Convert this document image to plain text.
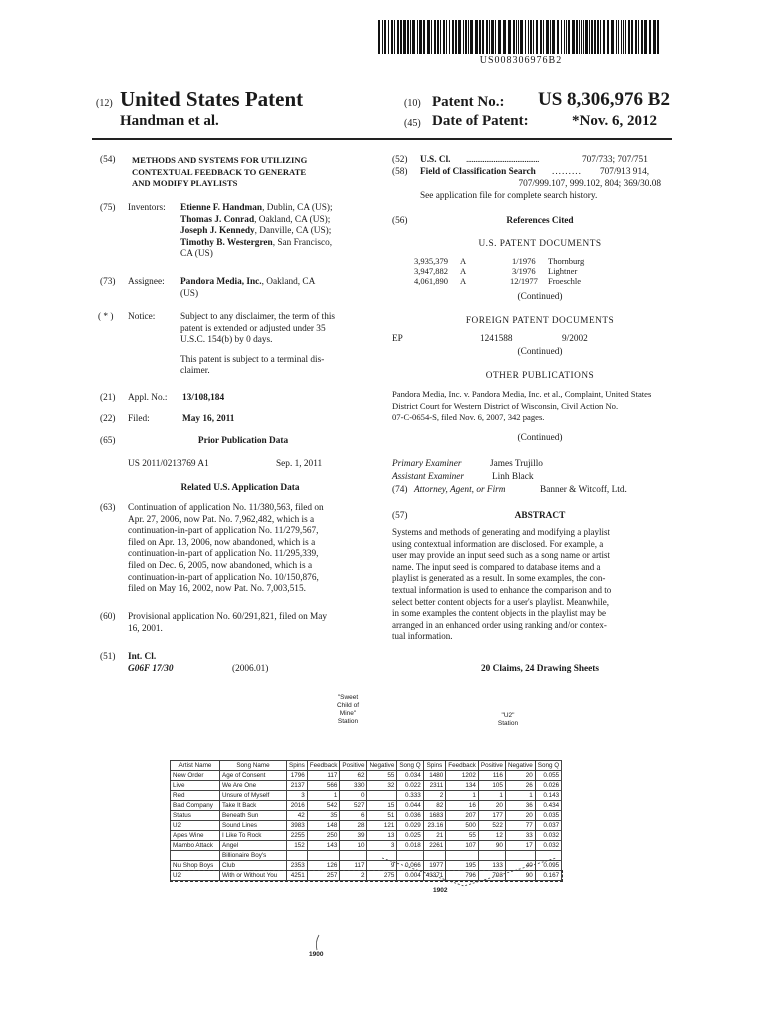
US008306976B2
(12) United States Patent
Handman et al.
(10) Patent No.: US 8,306,976 B2
(45) Date of Patent:	*Nov. 6, 2012
(54) METHODS AND SYSTEMS FOR UTILIZING
CONTEXTUAL FEEDBACK TO GENERATE
AND MODIFY PLAYLISTS
(75) Inventors: Etienne F. Handman, Dublin, CA (US);
Thomas J. Conrad, Oakland, CA (US);
Joseph J. Kennedy, Danville, CA (US);
Timothy B. Westergren, San Francisco,
CA (US)
(73) Assignee: Pandora Media, Inc., Oakland, CA
(US)
( * ) Notice:	Subject to any disclaimer, the term of this
patent is extended or adjusted under 35
U.S.C. 154(b) by 0 days.
This patent is subject to a terminal dis-
claimer.
(21) Appl. No.: 13/108,184
(22) Filed:	May 16, 2011
(65)	Prior Publication Data
US 2011/0213769 A1	Sep. 1, 2011
Related U.S. Application Data
(63) Continuation of application No. 11/380,563, filed on
Apr. 27, 2006, now Pat. No. 7,962,482, which is a
continuation-in-part of application No. 11/279,567,
filed on Apr. 13, 2006, now abandoned, which is a
continuation-in-part of application No. 11/295,339,
filed on Dec. 6, 2005, now abandoned, which is a
continuation-in-part of application No. 10/150,876,
filed on May 16, 2002, now Pat. No. 7,003,515.
(60) Provisional application No. 60/291,821, filed on May
16, 2001.
(51) Int. Cl.
G06F 17/30	(2006.01)
(52) U.S. Cl. ........................................	707/733; 707/751
(58) Field of Classification Search ......... 707/913 914,
707/999.107, 999.102, 804; 369/30.08
See application file for complete search history.
(56)	References Cited
U.S. PATENT DOCUMENTS
3,935,379 A	1/1976 Thornburg
3,947,882 A	3/1976 Lightner
4,061,890 A	12/1977 Froeschle
(Continued)
FOREIGN PATENT DOCUMENTS
EP	1241588	9/2002
(Continued)
OTHER PUBLICATIONS
Pandora Media, Inc. v. Pandora Media, Inc. et al., Complaint, United States
District Court for Western District of Wisconsin, Civil Action No.
07-C-0654-S, filed Nov. 6, 2007, 342 pages.
(Continued)
Primary Examiner	James Trujillo
Assistant Examiner	Linh Black
(74) Attorney, Agent, or Firm	Banner & Witcoff, Ltd.
(57)	ABSTRACT
Systems and methods of generating and modifying a playlist
using contextual information are disclosed. For example, a
user may provide an input seed such as a song name or artist
name. The input seed is compared to database items and a
playlist is generated as a result. In some examples, the con-
textual information is used to enhance the comparison and to
select better content objects for a user's playlist. Meanwhile,
in some examples the content objects in the playlist may be
arranged in an enhanced order using ranking and/or contex-
tual information.
20 Claims, 24 Drawing Sheets
"Sweet
Child of
Mine"
Station
"U2"
Station
Artist Name	Song Name	Spins	Feedback	Positive	Negative	Song Q	Spins	Feedback	Positive	Negative	Song Q
New Order	Age of Consent	1796	117	62	55	0.034	1480	1202	116	20	0.055
Live	We Are One	2137	566	330	32	0.022	2311	134	105	26	0.026
Red	Unsure of Myself	3	1	0		0.333	2	1	1	1	0.143
Bad Company	Take It Back	2016	542	527	15	0.044	82	16	20	36	0.434
Status	Beneath Sun	42	35	6	51	0.036	1683	207	177	20	0.035
U2	Sound Lines	3983	148	28	121	0.029	23.16	500	522	77	0.037
Apes Wine	I Like To Rock	2255	250	39	13	0.025	21	55	12	33	0.032
Mambo Attack	Angel	152	143	10	3	0.018	2261	107	90	17	0.032
	Billionaire Boy's										
Nu Shop Boys	Club	2353	126	117	9	0.066	1977	195	133	40	0.095
U2	With or Without You	4251	257	2	275	0.004	43371	796	703	90	0.167
1902
1900
